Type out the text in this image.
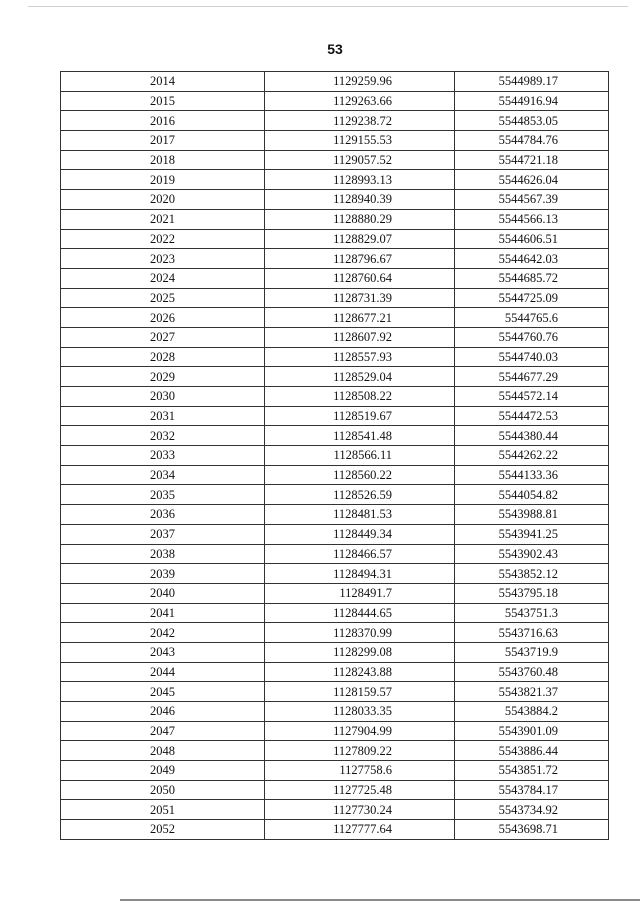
53
2014	1129259.96	5544989.17
2015	1129263.66	5544916.94
2016	1129238.72	5544853.05
2017	1129155.53	5544784.76
2018	1129057.52	5544721.18
2019	1128993.13	5544626.04
2020	1128940.39	5544567.39
2021	1128880.29	5544566.13
2022	1128829.07	5544606.51
2023	1128796.67	5544642.03
2024	1128760.64	5544685.72
2025	1128731.39	5544725.09
2026	1128677.21	5544765.6
2027	1128607.92	5544760.76
2028	1128557.93	5544740.03
2029	1128529.04	5544677.29
2030	1128508.22	5544572.14
2031	1128519.67	5544472.53
2032	1128541.48	5544380.44
2033	1128566.11	5544262.22
2034	1128560.22	5544133.36
2035	1128526.59	5544054.82
2036	1128481.53	5543988.81
2037	1128449.34	5543941.25
2038	1128466.57	5543902.43
2039	1128494.31	5543852.12
2040	1128491.7	5543795.18
2041	1128444.65	5543751.3
2042	1128370.99	5543716.63
2043	1128299.08	5543719.9
2044	1128243.88	5543760.48
2045	1128159.57	5543821.37
2046	1128033.35	5543884.2
2047	1127904.99	5543901.09
2048	1127809.22	5543886.44
2049	1127758.6	5543851.72
2050	1127725.48	5543784.17
2051	1127730.24	5543734.92
2052	1127777.64	5543698.71
